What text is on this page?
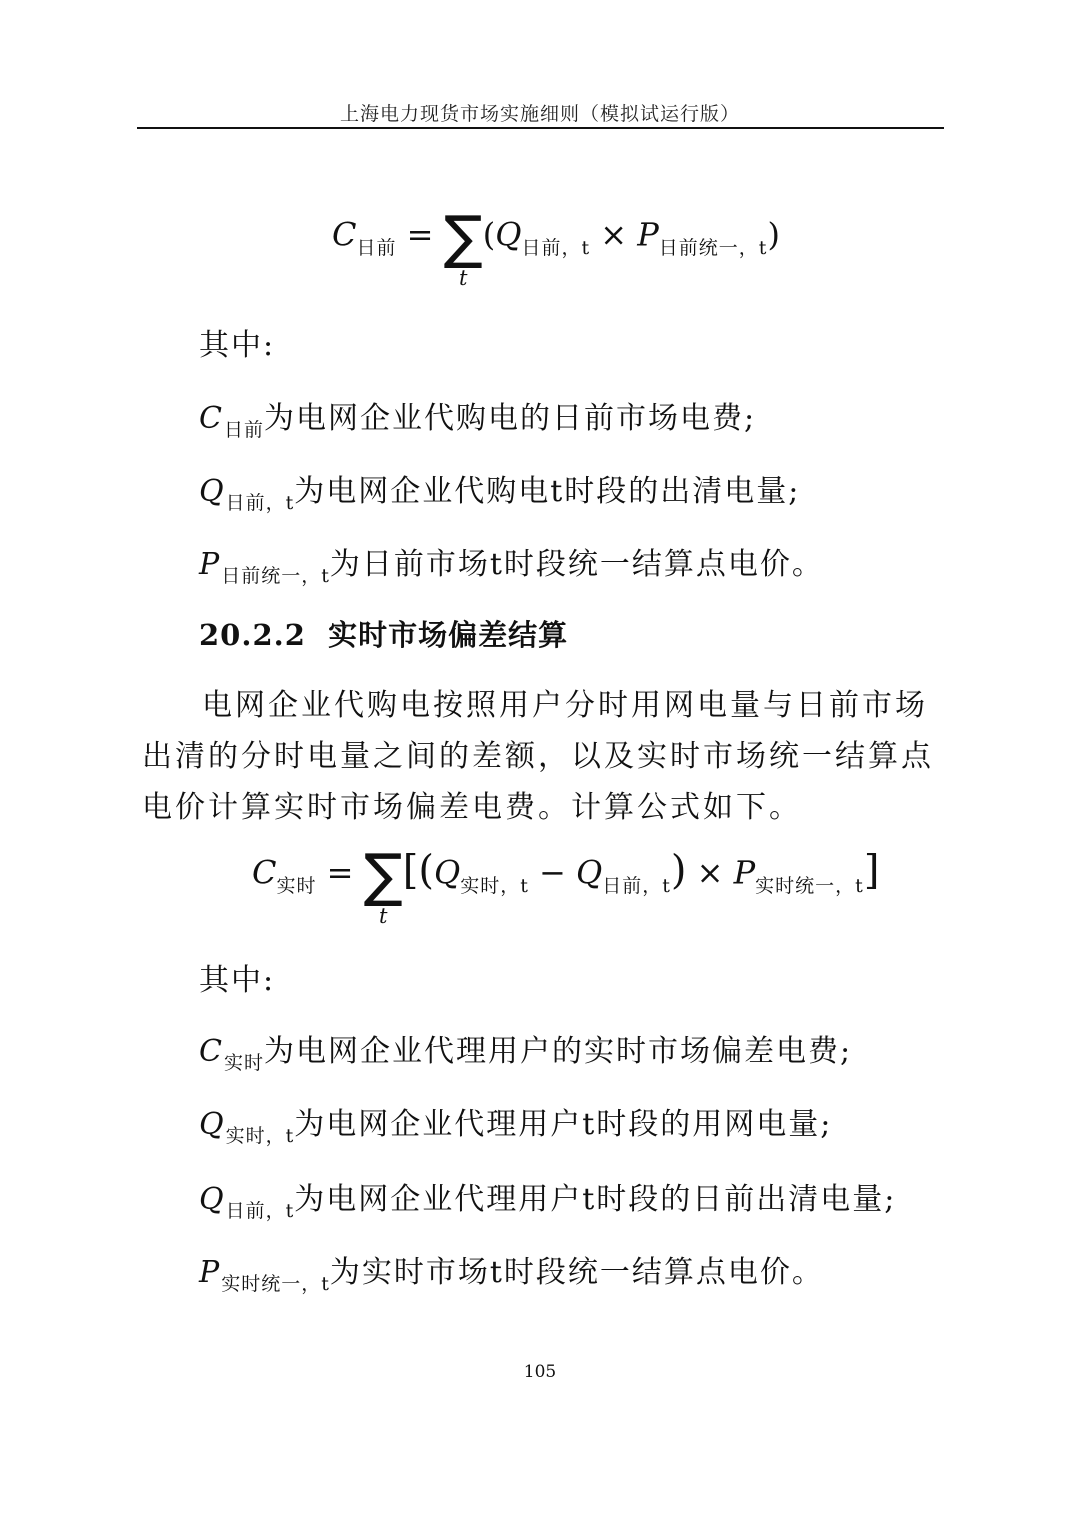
上海电力现货市场实施细则（模拟试运行版）
$C_{日前}$ = ∑
t
$(Q_{日前,t} \times P_{日前统一,t})$
其中:
$C_{日前}$为电网企业代购电的日前市场电费;
$Q_{日前,t}$为电网企业代购电t时段的出清电量;
$P_{日前统一,t}$为日前市场t时段统一结算点电价。
20.2.2 实时市场偏差结算
电网企业代购电按照用户分时用网电量与日前市场出清的分时电量之间的差额，以及实时市场统一结算点电价计算实时市场偏差电费。计算公式如下。
$C_{实时}$ = ∑
t
$[(Q_{实时,t} - Q_{日前,t}) \times P_{实时统一,t}]$
其中:
$C_{实时}$为电网企业代理用户的实时市场偏差电费;
$Q_{实时,t}$为电网企业代理用户t时段的用网电量;
$Q_{日前,t}$为电网企业代理用户t时段的日前出清电量;
$P_{实时统一,t}$为实时市场t时段统一结算点电价。
105
